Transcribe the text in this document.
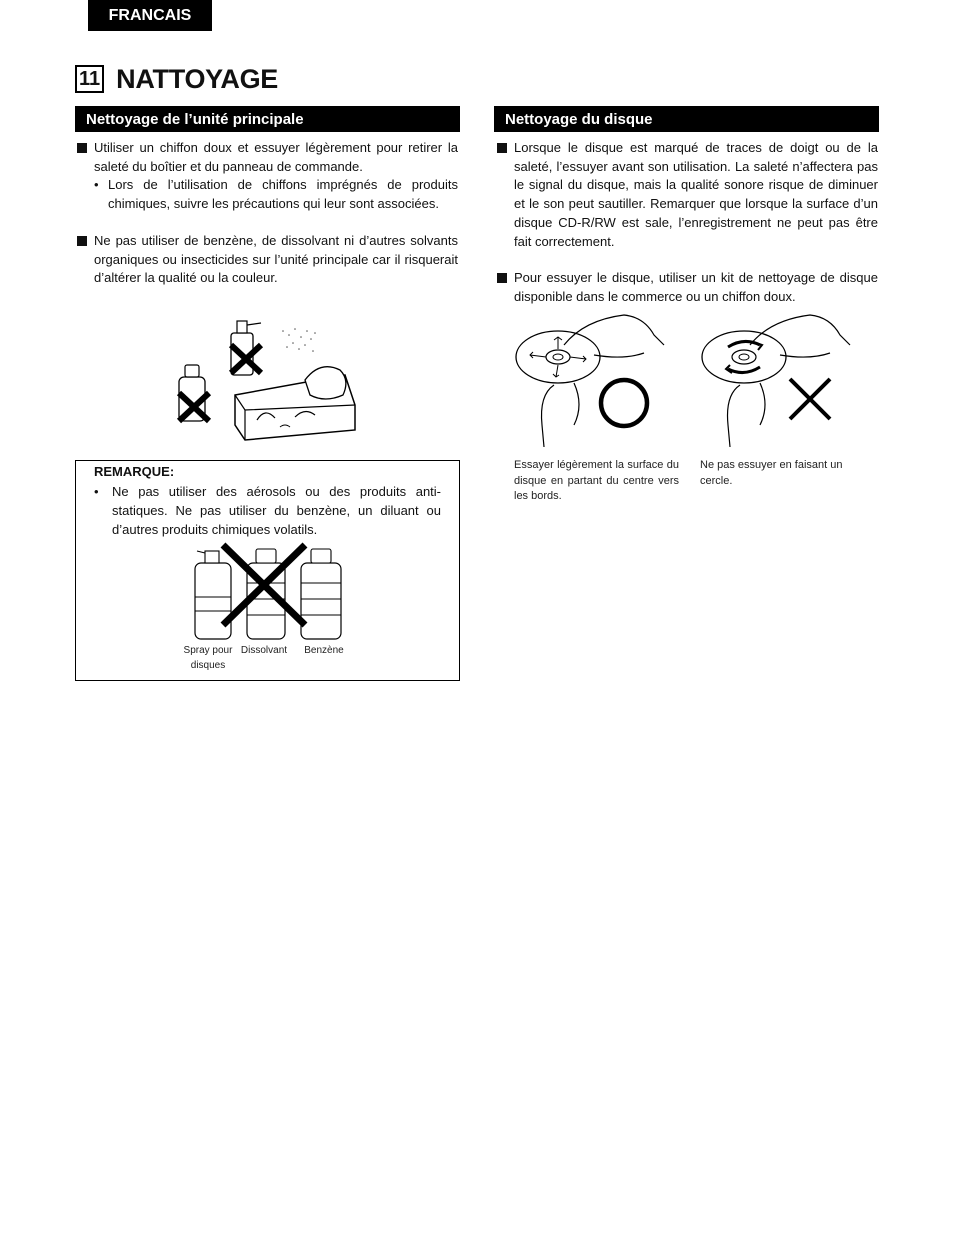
FRANCAIS
11 NATTOYAGE
Nettoyage de l’unité principale
Utiliser un chiffon doux et essuyer légèrement pour retirer la saleté du boîtier et du panneau de commande.
• Lors de l’utilisation de chiffons imprégnés de produits chimiques, suivre les précautions qui leur sont associées.
Ne pas utiliser de benzène, de dissolvant ni d’autres solvants organiques ou insecticides sur l’unité principale car il risquerait d’altérer la qualité ou la couleur.
REMARQUE:
• Ne pas utiliser des aérosols ou des produits anti-statiques. Ne pas utiliser du benzène, un diluant ou d’autres produits chimiques volatils.
Spray pour disques
Dissolvant	Benzène
Nettoyage du disque
Lorsque le disque est marqué de traces de doigt ou de la saleté, l’essuyer avant son utilisation. La saleté n’affectera pas le signal du disque, mais la qualité sonore risque de diminuer et le son peut sautiller. Remarquer que lorsque la surface d’un disque CD-R/RW est sale, l’enregistrement ne peut pas être fait correctement.
Pour essuyer le disque, utiliser un kit de nettoyage de disque disponible dans le commerce ou un chiffon doux.
Essayer légèrement la surface du disque en partant du centre vers les bords.
Ne pas essuyer en faisant un cercle.
